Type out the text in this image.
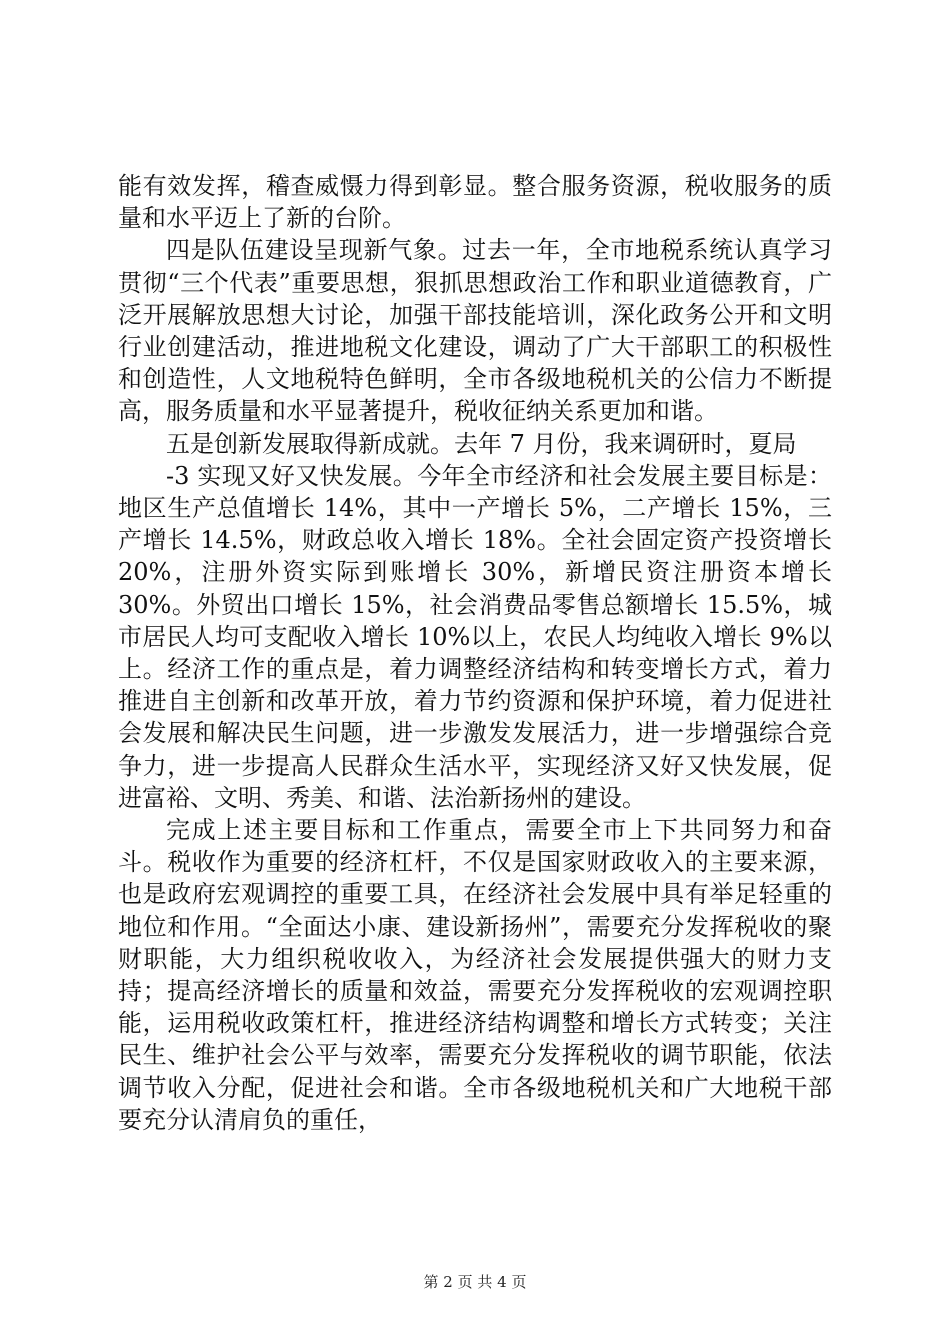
能有效发挥，稽查威慑力得到彰显。整合服务资源，税收服务的质量和水平迈上了新的台阶。

四是队伍建设呈现新气象。过去一年，全市地税系统认真学习贯彻“三个代表”重要思想，狠抓思想政治工作和职业道德教育，广泛开展解放思想大讨论，加强干部技能培训，深化政务公开和文明行业创建活动，推进地税文化建设，调动了广大干部职工的积极性和创造性，人文地税特色鲜明，全市各级地税机关的公信力不断提高，服务质量和水平显著提升，税收征纳关系更加和谐。

五是创新发展取得新成就。去年 7 月份，我来调研时，夏局

-3 实现又好又快发展。今年全市经济和社会发展主要目标是：地区生产总值增长 14%，其中一产增长 5%，二产增长 15%，三产增长 14.5%，财政总收入增长 18%。全社会固定资产投资增长 20%，注册外资实际到账增长 30%，新增民资注册资本增长 30%。外贸出口增长 15%，社会消费品零售总额增长 15.5%，城市居民人均可支配收入增长 10%以上，农民人均纯收入增长 9%以上。经济工作的重点是，着力调整经济结构和转变增长方式，着力推进自主创新和改革开放，着力节约资源和保护环境，着力促进社会发展和解决民生问题，进一步激发发展活力，进一步增强综合竞争力，进一步提高人民群众生活水平，实现经济又好又快发展，促进富裕、文明、秀美、和谐、法治新扬州的建设。

完成上述主要目标和工作重点，需要全市上下共同努力和奋斗。税收作为重要的经济杠杆，不仅是国家财政收入的主要来源，也是政府宏观调控的重要工具，在经济社会发展中具有举足轻重的地位和作用。“全面达小康、建设新扬州”，需要充分发挥税收的聚财职能，大力组织税收收入，为经济社会发展提供强大的财力支持；提高经济增长的质量和效益，需要充分发挥税收的宏观调控职能，运用税收政策杠杆，推进经济结构调整和增长方式转变；关注民生、维护社会公平与效率，需要充分发挥税收的调节职能，依法调节收入分配，促进社会和谐。全市各级地税机关和广大地税干部要充分认清肩负的重任，

第 2 页 共 4 页
